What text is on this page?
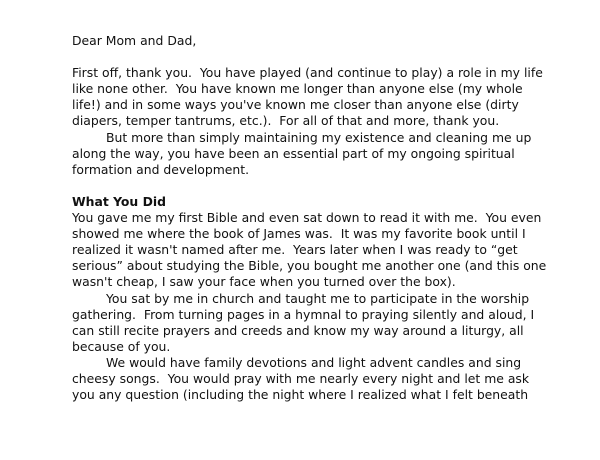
Dear Mom and Dad,
First off, thank you.  You have played (and continue to play) a role in my life
like none other.  You have known me longer than anyone else (my whole
life!) and in some ways you've known me closer than anyone else (dirty
diapers, temper tantrums, etc.).  For all of that and more, thank you.
But more than simply maintaining my existence and cleaning me up
along the way, you have been an essential part of my ongoing spiritual
formation and development.
What You Did
You gave me my first Bible and even sat down to read it with me.  You even
showed me where the book of James was.  It was my favorite book until I
realized it wasn't named after me.  Years later when I was ready to “get
serious” about studying the Bible, you bought me another one (and this one
wasn't cheap, I saw your face when you turned over the box).
You sat by me in church and taught me to participate in the worship
gathering.  From turning pages in a hymnal to praying silently and aloud, I
can still recite prayers and creeds and know my way around a liturgy, all
because of you.
We would have family devotions and light advent candles and sing
cheesy songs.  You would pray with me nearly every night and let me ask
you any question (including the night where I realized what I felt beneath
